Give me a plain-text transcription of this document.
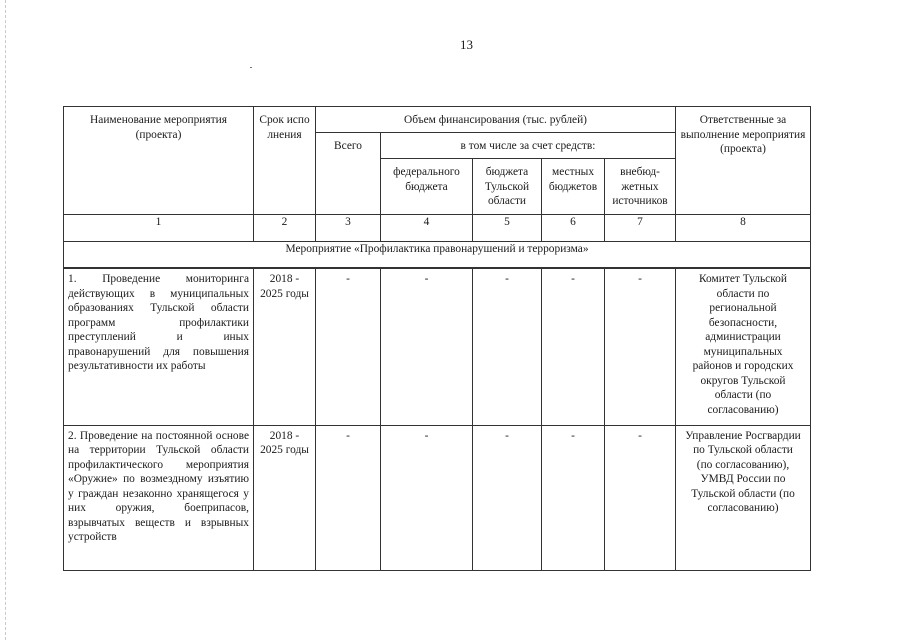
13
Наименование мероприятия (проекта)	Срок исполнения	Объем финансирования (тыс. рублей)					Ответственные за выполнение мероприятия (проекта)
		Всего	в том числе за счет средств:				
			федерального бюджета	бюджета Тульской области	местных бюджетов	внебюд-жетных источников	
1	2	3	4	5	6	7	8
Мероприятие «Профилактика правонарушений и терроризма»							
1. Проведение мониторинга действующих в муниципальных образованиях Тульской области программ профилактики преступлений и иных правонарушений для повышения результативности их работы	2018 - 2025 годы	-	-	-	-	-	Комитет Тульской области по региональной безопасности, администрации муниципальных районов и городских округов Тульской области (по согласованию)
2. Проведение на постоянной основе на территории Тульской области профилактического мероприятия «Оружие» по возмездному изъятию у граждан незаконно хранящегося у них оружия, боеприпасов, взрывчатых веществ и взрывных устройств	2018 - 2025 годы	-	-	-	-	-	Управление Росгвардии по Тульской области (по согласованию), УМВД России по Тульской области (по согласованию)
